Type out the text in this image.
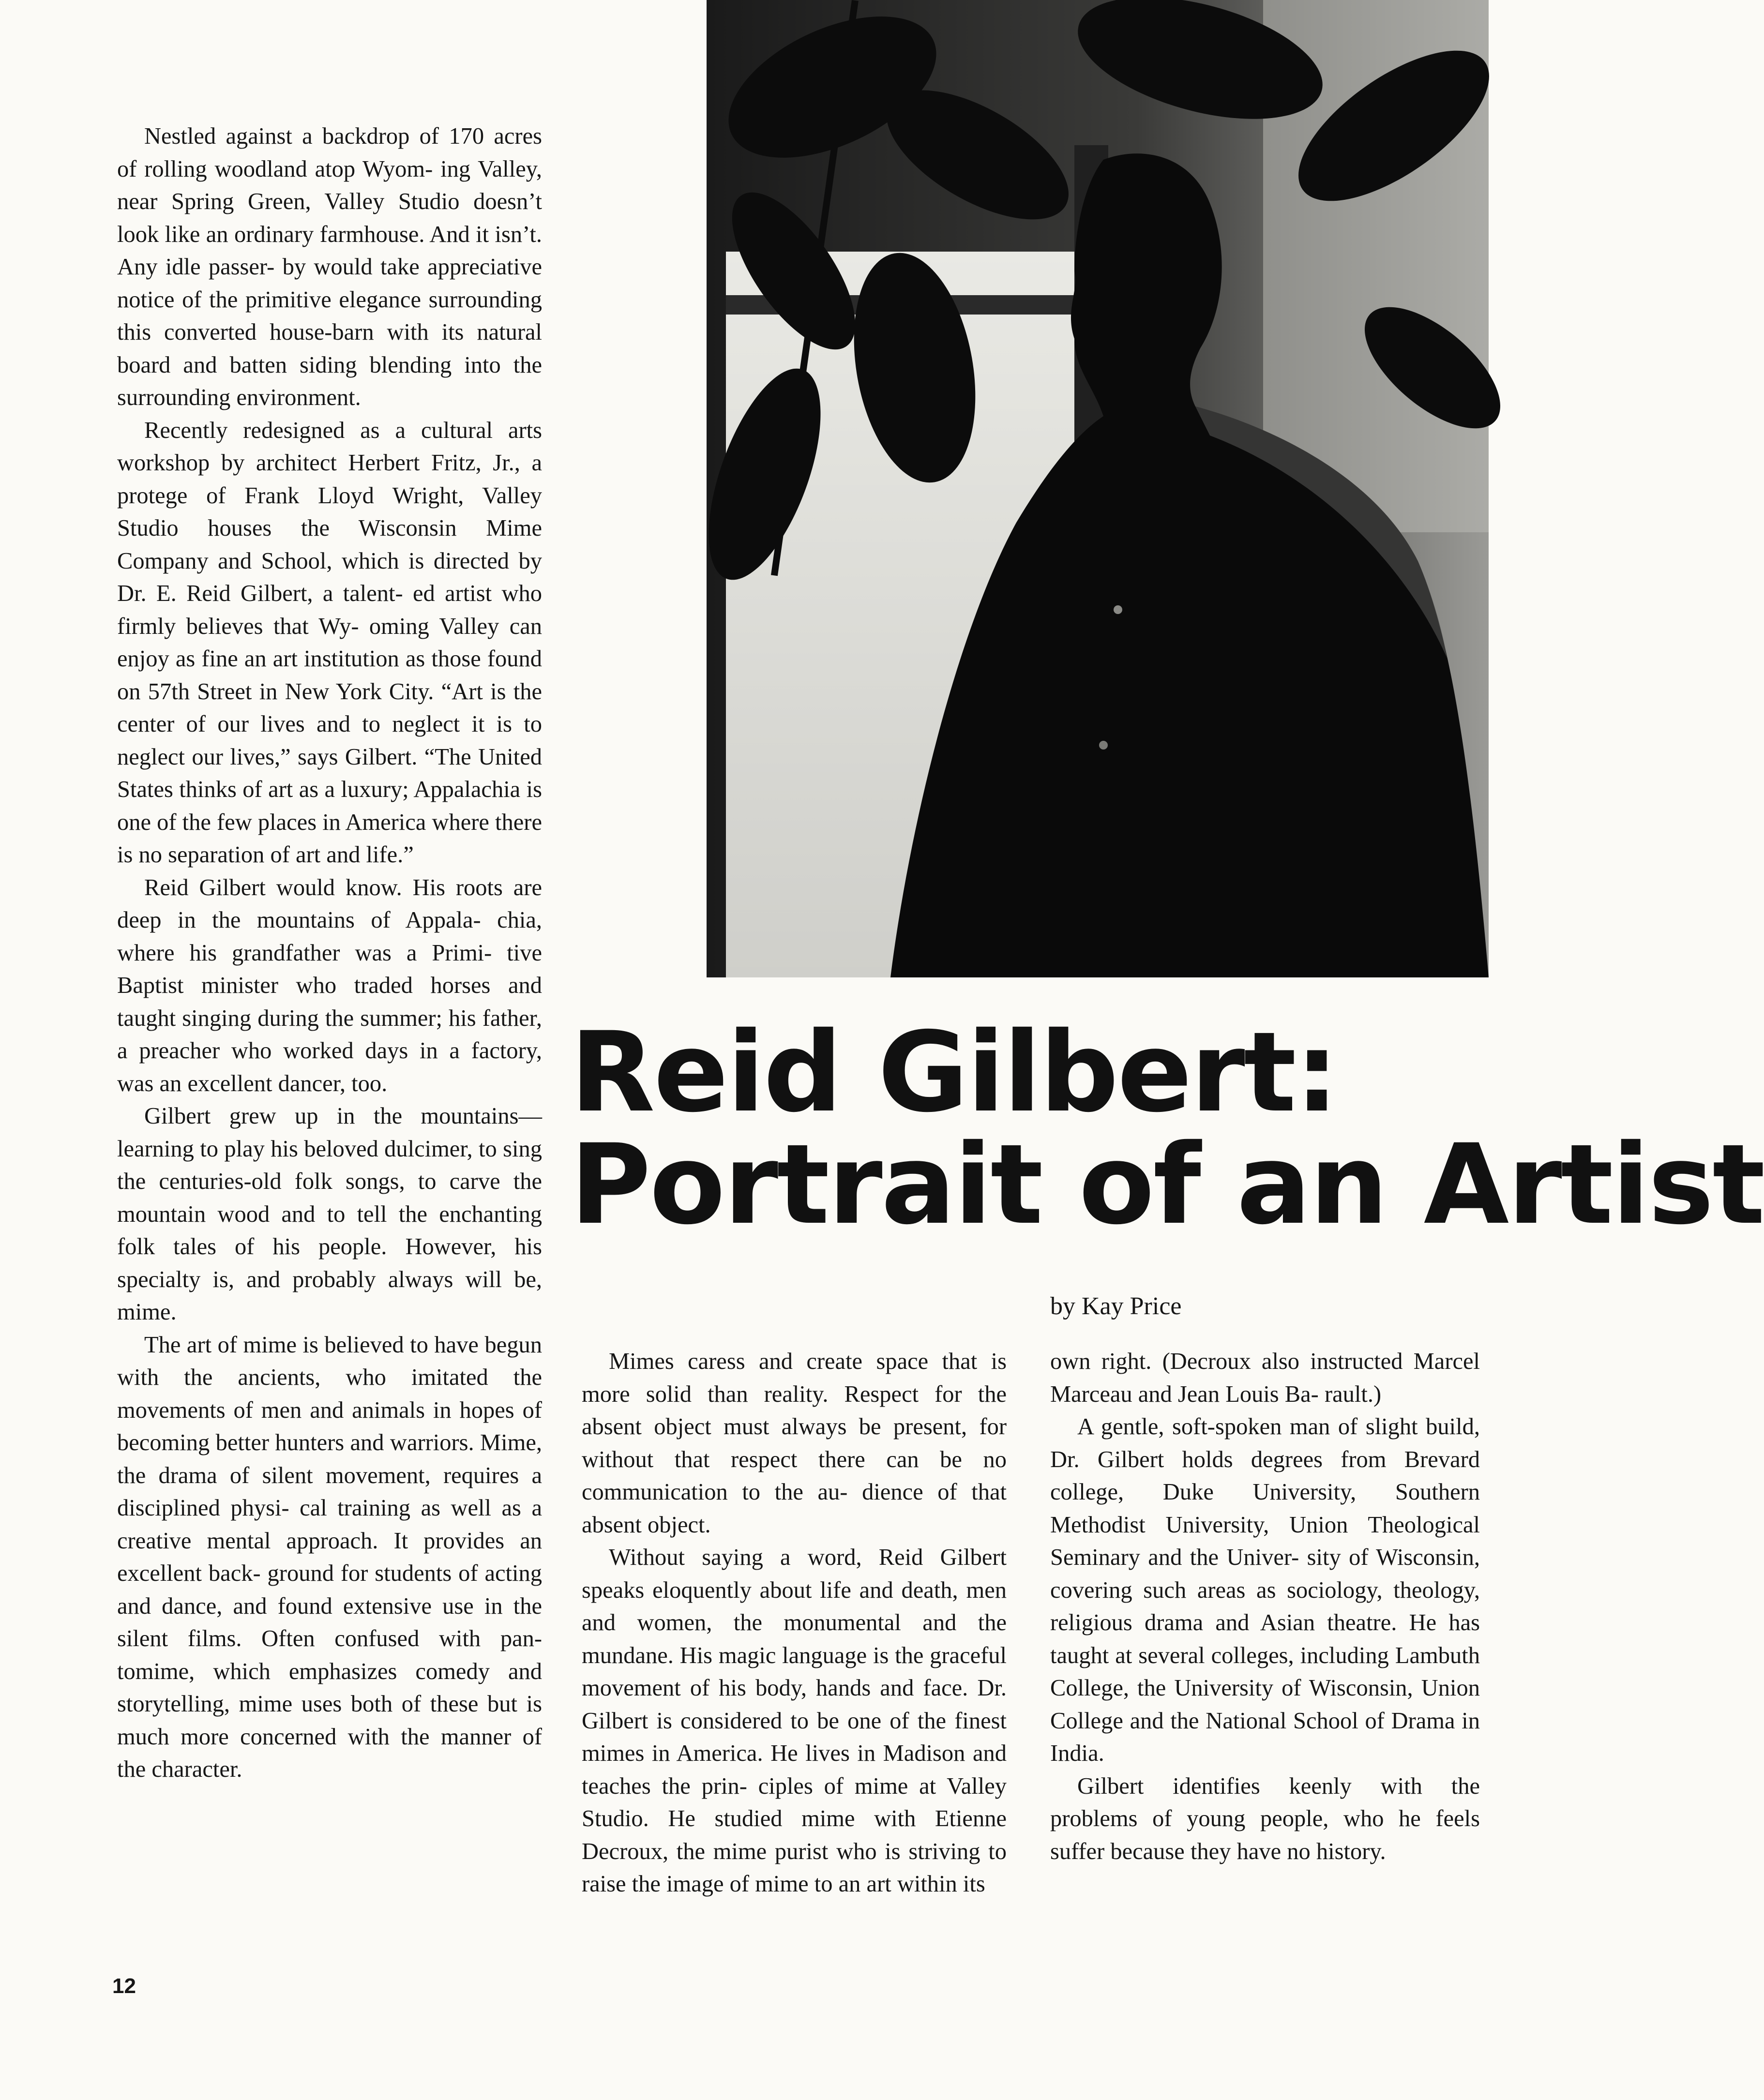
Nestled against a backdrop of 170 acres of rolling woodland atop Wyom- ing Valley, near Spring Green, Valley Studio doesn’t look like an ordinary farmhouse. And it isn’t. Any idle passer- by would take appreciative notice of the primitive elegance surrounding this converted house-barn with its natural board and batten siding blending into the surrounding environment.

Recently redesigned as a cultural arts workshop by architect Herbert Fritz, Jr., a protege of Frank Lloyd Wright, Valley Studio houses the Wisconsin Mime Company and School, which is directed by Dr. E. Reid Gilbert, a talent- ed artist who firmly believes that Wy- oming Valley can enjoy as fine an art institution as those found on 57th Street in New York City. “Art is the center of our lives and to neglect it is to neglect our lives,” says Gilbert. “The United States thinks of art as a luxury; Appalachia is one of the few places in America where there is no separation of art and life.”

Reid Gilbert would know. His roots are deep in the mountains of Appala- chia, where his grandfather was a Primi- tive Baptist minister who traded horses and taught singing during the summer; his father, a preacher who worked days in a factory, was an excellent dancer, too.

Gilbert grew up in the mountains— learning to play his beloved dulcimer, to sing the centuries-old folk songs, to carve the mountain wood and to tell the enchanting folk tales of his people. However, his specialty is, and probably always will be, mime.

The art of mime is believed to have begun with the ancients, who imitated the movements of men and animals in hopes of becoming better hunters and warriors. Mime, the drama of silent movement, requires a disciplined physi- cal training as well as a creative mental approach. It provides an excellent back- ground for students of acting and dance, and found extensive use in the silent films. Often confused with pan- tomime, which emphasizes comedy and storytelling, mime uses both of these but is much more concerned with the manner of the character.

Reid Gilbert:
Portrait of an Artist
by Kay Price

Mimes caress and create space that is more solid than reality. Respect for the absent object must always be present, for without that respect there can be no communication to the au- dience of that absent object.

Without saying a word, Reid Gilbert speaks eloquently about life and death, men and women, the monumental and the mundane. His magic language is the graceful movement of his body, hands and face. Dr. Gilbert is considered to be one of the finest mimes in America. He lives in Madison and teaches the prin- ciples of mime at Valley Studio. He studied mime with Etienne Decroux, the mime purist who is striving to raise the image of mime to an art within its

own right. (Decroux also instructed Marcel Marceau and Jean Louis Ba- rault.)

A gentle, soft-spoken man of slight build, Dr. Gilbert holds degrees from Brevard college, Duke University, Southern Methodist University, Union Theological Seminary and the Univer- sity of Wisconsin, covering such areas as sociology, theology, religious drama and Asian theatre. He has taught at several colleges, including Lambuth College, the University of Wisconsin, Union College and the National School of Drama in India.

Gilbert identifies keenly with the problems of young people, who he feels suffer because they have no history.

12
